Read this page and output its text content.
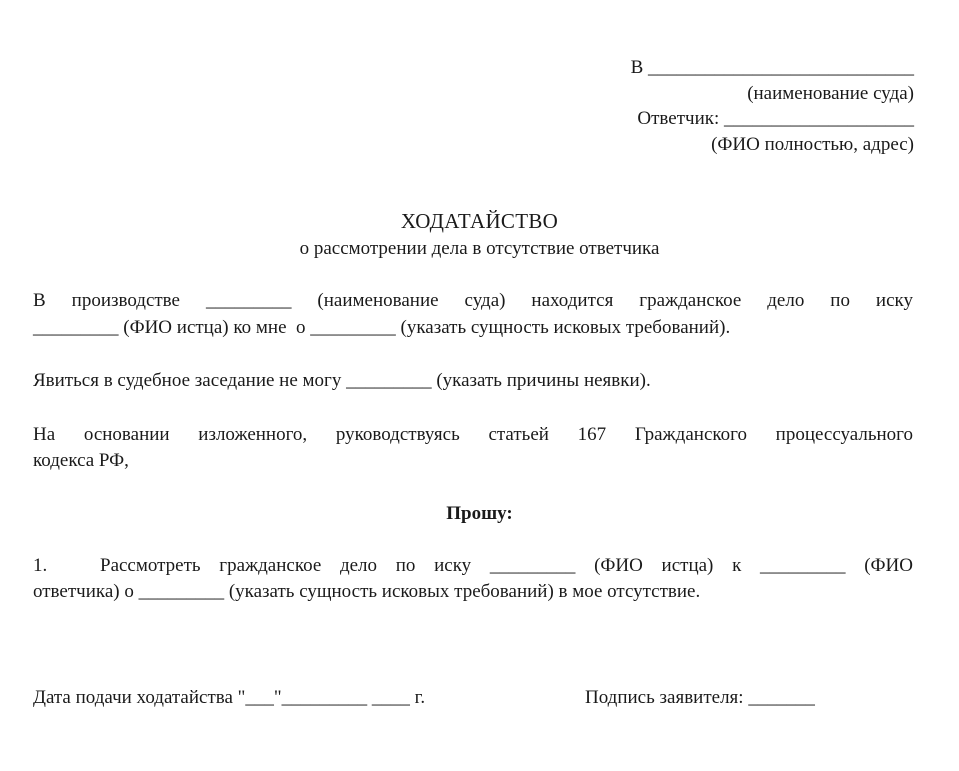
В ____________________________
(наименование суда)
Ответчик: ____________________
(ФИО полностью, адрес)
ХОДАТАЙСТВО
о рассмотрении дела в отсутствие ответчика
В производстве _________ (наименование суда) находится гражданское дело по иску
_________ (ФИО истца) ко мне  о _________ (указать сущность исковых требований).
Явиться в судебное заседание не могу _________ (указать причины неявки).
На основании изложенного, руководствуясь статьей 167 Гражданского процессуального
кодекса РФ,
Прошу:
1.	Рассмотреть гражданское дело по иску _________ (ФИО истца) к _________ (ФИО
ответчика) о _________ (указать сущность исковых требований) в мое отсутствие.
Дата подачи ходатайства "___"_________ ____ г.	Подпись заявителя: _______
